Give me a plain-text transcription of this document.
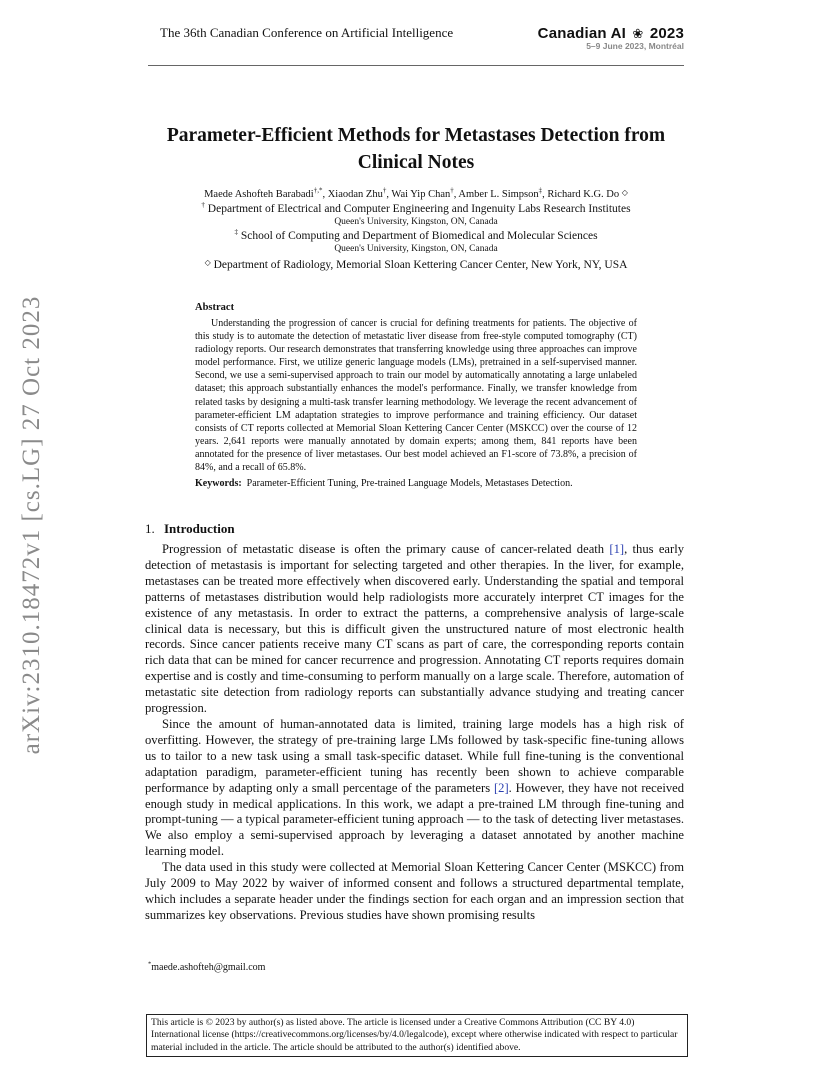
The 36th Canadian Conference on Artificial Intelligence	Canadian AI ❀ 2023
5–9 June 2023, Montréal
arXiv:2310.18472v1 [cs.LG] 27 Oct 2023
Parameter-Efficient Methods for Metastases Detection from
Clinical Notes
Maede Ashofteh Barabadi†,*, Xiaodan Zhu†, Wai Yip Chan†, Amber L. Simpson‡, Richard K.G. Do ◇
† Department of Electrical and Computer Engineering and Ingenuity Labs Research Institutes
Queen's University, Kingston, ON, Canada
‡ School of Computing and Department of Biomedical and Molecular Sciences
Queen's University, Kingston, ON, Canada
◇ Department of Radiology, Memorial Sloan Kettering Cancer Center, New York, NY, USA
Abstract

Understanding the progression of cancer is crucial for defining treatments for patients. The objective of this study is to automate the detection of metastatic liver disease from free-style computed tomography (CT) radiology reports. Our research demonstrates that transferring knowledge using three approaches can improve model performance. First, we utilize generic language models (LMs), pretrained in a self-supervised manner. Second, we use a semi-supervised approach to train our model by automatically annotating a large unlabeled dataset; this approach substantially enhances the model's performance. Finally, we transfer knowledge from related tasks by designing a multi-task transfer learning methodology. We leverage the recent advancement of parameter-efficient LM adaptation strategies to improve performance and training efficiency. Our dataset consists of CT reports collected at Memorial Sloan Kettering Cancer Center (MSKCC) over the course of 12 years. 2,641 reports were manually annotated by domain experts; among them, 841 reports have been annotated for the presence of liver metastases. Our best model achieved an F1-score of 73.8%, a precision of 84%, and a recall of 65.8%.

Keywords: Parameter-Efficient Tuning, Pre-trained Language Models, Metastases Detection.
1. Introduction

Progression of metastatic disease is often the primary cause of cancer-related death [1], thus early detection of metastasis is important for selecting targeted and other therapies. In the liver, for example, metastases can be treated more effectively when discovered early. Understanding the spatial and temporal patterns of metastases distribution would help radiologists more accurately interpret CT images for the existence of any metastasis. In order to extract the patterns, a comprehensive analysis of large-scale clinical data is necessary, but this is difficult given the unstructured nature of most electronic health records. Since cancer patients receive many CT scans as part of care, the corresponding reports contain rich data that can be mined for cancer recurrence and progression. Annotating CT reports requires domain expertise and is costly and time-consuming to perform manually on a large scale. Therefore, automation of metastatic site detection from radiology reports can substantially advance studying and treating cancer progression.

Since the amount of human-annotated data is limited, training large models has a high risk of overfitting. However, the strategy of pre-training large LMs followed by task-specific fine-tuning allows us to tailor to a new task using a small task-specific dataset. While full fine-tuning is the conventional adaptation paradigm, parameter-efficient tuning has recently been shown to achieve comparable performance by adapting only a small percentage of the parameters [2]. However, they have not received enough study in medical applications. In this work, we adapt a pre-trained LM through fine-tuning and prompt-tuning — a typical parameter-efficient tuning approach — to the task of detecting liver metastases. We also employ a semi-supervised approach by leveraging a dataset annotated by another machine learning model.

The data used in this study were collected at Memorial Sloan Kettering Cancer Center (MSKCC) from July 2009 to May 2022 by waiver of informed consent and follows a structured departmental template, which includes a separate header under the findings section for each organ and an impression section that summarizes key observations. Previous studies have shown promising results

*maede.ashofteh@gmail.com
This article is © 2023 by author(s) as listed above. The article is licensed under a Creative Commons Attribution (CC BY 4.0) International license (https://creativecommons.org/licenses/by/4.0/legalcode), except where otherwise indicated with respect to particular material included in the article. The article should be attributed to the author(s) identified above.
